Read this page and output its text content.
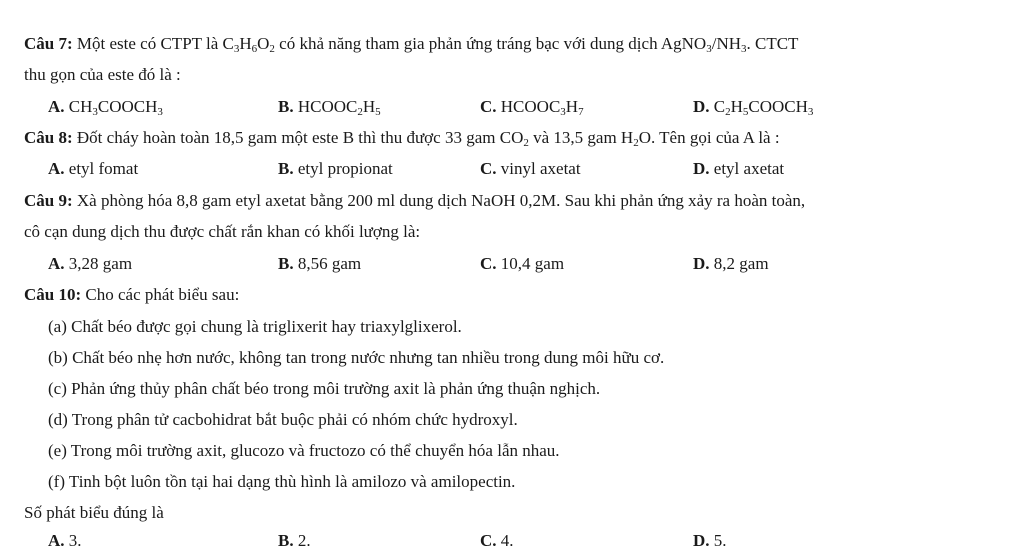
Câu 7: Một este có CTPT là $C_3H_6O_2$ có khả năng tham gia phản ứng tráng bạc với dung dịch $AgNO_3/NH_3$. CTCT
thu gọn của este đó là :
A. $CH_3COOCH_3$	B. $HCOOC_2H_5$	C. $HCOOC_3H_7$	D. $C_2H_5COOCH_3$
Câu 8: Đốt cháy hoàn toàn 18,5 gam một este B thì thu được 33 gam $CO_2$ và 13,5 gam $H_2O$. Tên gọi của A là :
A. etyl fomat	B. etyl propionat	C. vinyl axetat	D. etyl axetat
Câu 9: Xà phòng hóa 8,8 gam etyl axetat bằng 200 ml dung dịch NaOH 0,2M. Sau khi phản ứng xảy ra hoàn toàn,
cô cạn dung dịch thu được chất rắn khan có khối lượng là:
A. 3,28 gam	B. 8,56 gam	C. 10,4 gam	D. 8,2 gam
Câu 10: Cho các phát biểu sau:
(a) Chất béo được gọi chung là triglixerit hay triaxylglixerol.
(b) Chất béo nhẹ hơn nước, không tan trong nước nhưng tan nhiều trong dung môi hữu cơ.
(c) Phản ứng thủy phân chất béo trong môi trường axit là phản ứng thuận nghịch.
(d) Trong phân tử cacbohidrat bắt buộc phải có nhóm chức hydroxyl.
(e) Trong môi trường axit, glucozo và fructozo có thể chuyển hóa lẫn nhau.
(f) Tinh bột luôn tồn tại hai dạng thù hình là amilozo và amilopectin.
Số phát biểu đúng là
A. 3.	B. 2.	C. 4.	D. 5.
